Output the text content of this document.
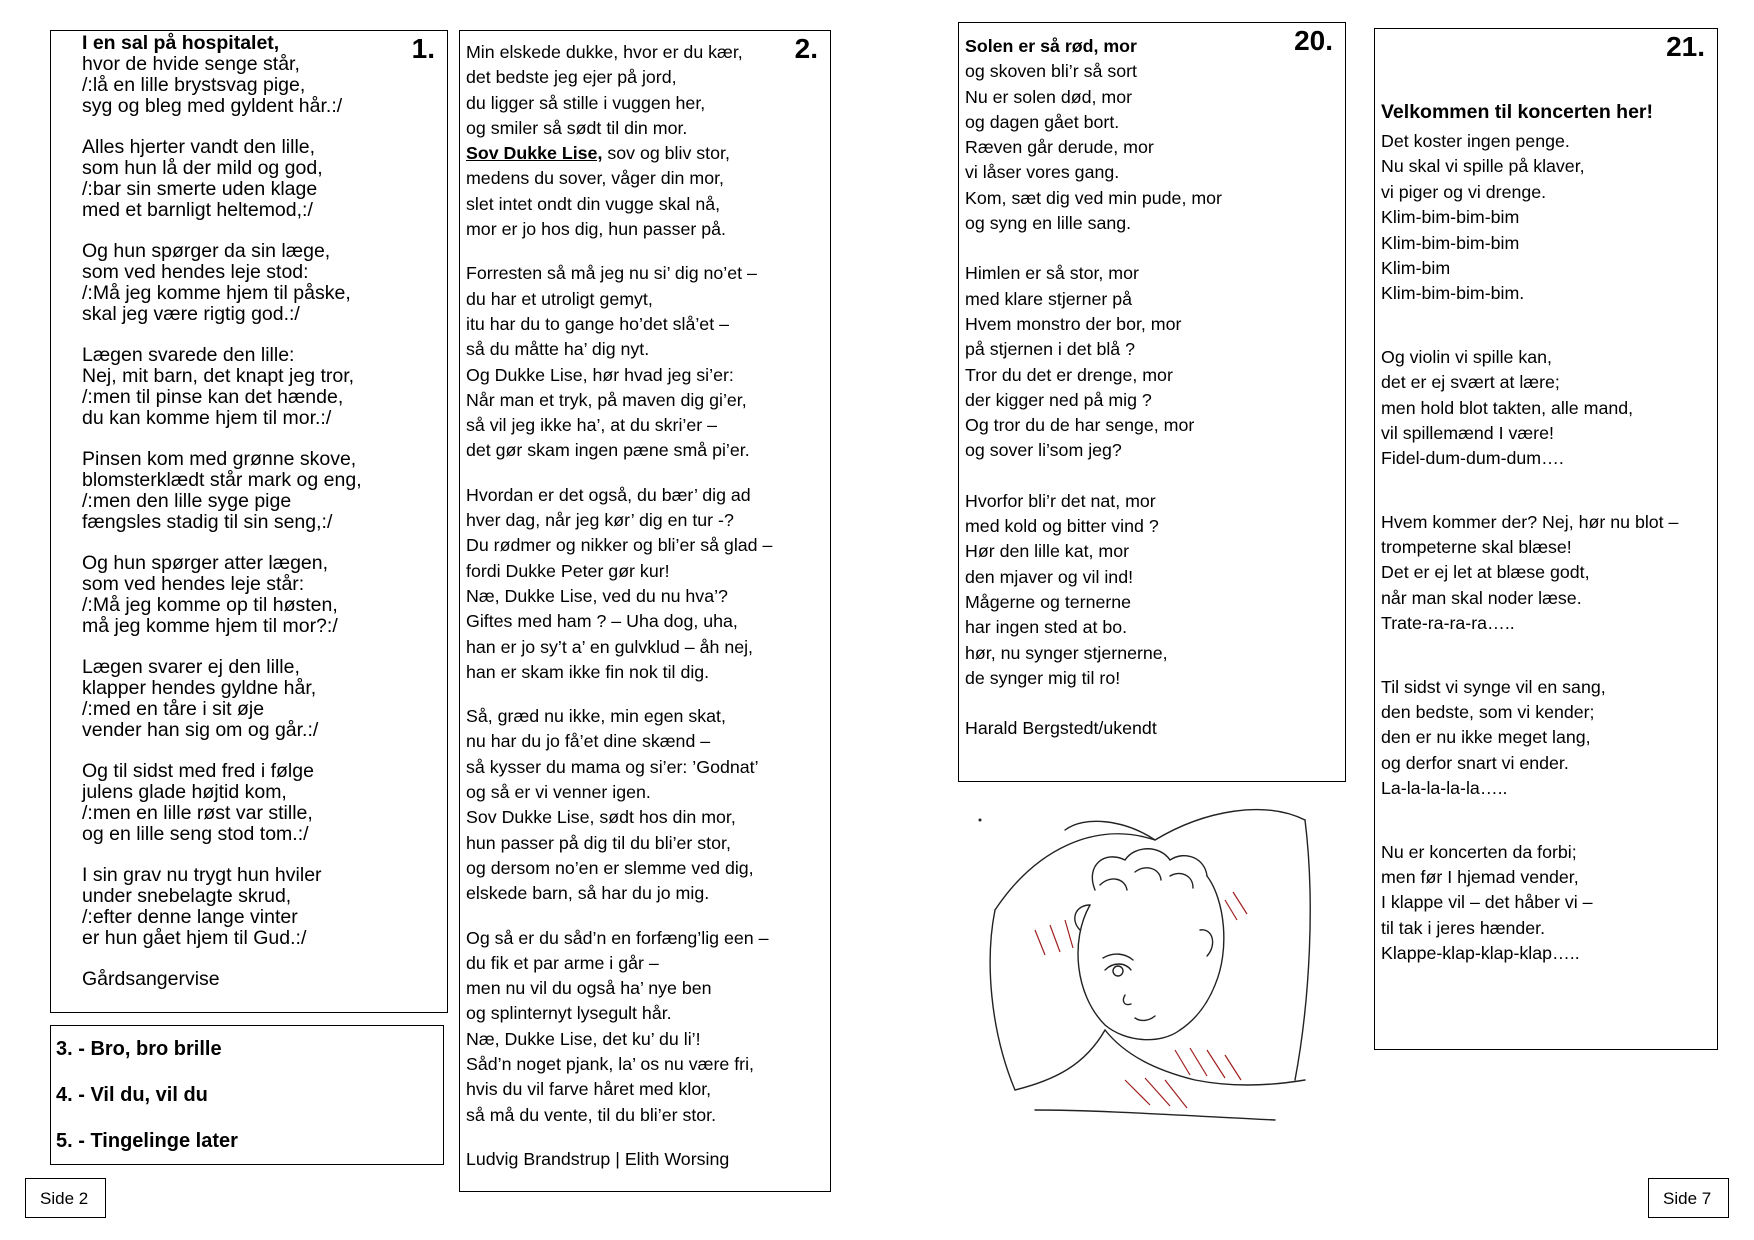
1.
I en sal på hospitalet,
hvor de hvide senge står,
/:lå en lille brystsvag pige,
syg og bleg med gyldent hår.:/
Alles hjerter vandt den lille,
som hun lå der mild og god,
/:bar sin smerte uden klage
med et barnligt heltemod,:/
Og hun spørger da sin læge,
som ved hendes leje stod:
/:Må jeg komme hjem til påske,
skal jeg være rigtig god.:/
Lægen svarede den lille:
Nej, mit barn, det knapt jeg tror,
/:men til pinse kan det hænde,
du kan komme hjem til mor.:/
Pinsen kom med grønne skove,
blomsterklædt står mark og eng,
/:men den lille syge pige
fængsles stadig til sin seng,:/
Og hun spørger atter lægen,
som ved hendes leje står:
/:Må jeg komme op til høsten,
må jeg komme hjem til mor?:/
Lægen svarer ej den lille,
klapper hendes gyldne hår,
/:med en tåre i sit øje
vender han sig om og går.:/
Og til sidst med fred i følge
julens glade højtid kom,
/:men en lille røst var stille,
og en lille seng stod tom.:/
I sin grav nu trygt hun hviler
under snebelagte skrud,
/:efter denne lange vinter
er hun gået hjem til Gud.:/
Gårdsangervise
3. - Bro, bro brille
4. - Vil du, vil du
5. - Tingelinge later
Side 2
2.
Min elskede dukke, hvor er du kær,
det bedste jeg ejer på jord,
du ligger så stille i vuggen her,
og smiler så sødt til din mor.
Sov Dukke Lise, sov og bliv stor,
medens du sover, våger din mor,
slet intet ondt din vugge skal nå,
mor er jo hos dig, hun passer på.
Forresten så må jeg nu si’ dig no’et –
du har et utroligt gemyt,
itu har du to gange ho’det slå’et –
så du måtte ha’ dig nyt.
Og Dukke Lise, hør hvad jeg si’er:
Når man et tryk, på maven dig gi’er,
så vil jeg ikke ha’, at du skri’er –
det gør skam ingen pæne små pi’er.
Hvordan er det også, du bær’ dig ad
hver dag, når jeg kør’ dig en tur -?
Du rødmer og nikker og bli’er så glad –
fordi Dukke Peter gør kur!
Næ, Dukke Lise, ved du nu hva’?
Giftes med ham ? – Uha dog, uha,
han er jo sy’t a’ en gulvklud – åh nej,
han er skam ikke fin nok til dig.
Så, græd nu ikke, min egen skat,
nu har du jo få’et dine skænd –
så kysser du mama og si’er: ’Godnat’
og så er vi venner igen.
Sov Dukke Lise, sødt hos din mor,
hun passer på dig til du bli’er stor,
og dersom no’en er slemme ved dig,
elskede barn, så har du jo mig.
Og så er du såd’n en forfæng’lig een –
du fik et par arme i går –
men nu vil du også ha’ nye ben
og splinternyt lysegult hår.
Næ, Dukke Lise, det ku’ du li’!
Såd’n noget pjank, la’ os nu være fri,
hvis du vil farve håret med klor,
så må du vente, til du bli’er stor.
Ludvig Brandstrup | Elith Worsing
20.
Solen er så rød, mor
og skoven bli’r så sort
Nu er solen død, mor
og dagen gået bort.
Ræven går derude, mor
vi låser vores gang.
Kom, sæt dig ved min pude, mor
og syng en lille sang.
Himlen er så stor, mor
med klare stjerner på
Hvem monstro der bor, mor
på stjernen i det blå ?
Tror du det er drenge, mor
der kigger ned på mig ?
Og tror du de har senge, mor
og sover li’som jeg?
Hvorfor bli’r det nat, mor
med kold og bitter vind ?
Hør den lille kat, mor
den mjaver og vil ind!
Mågerne og ternerne
har ingen sted at bo.
hør, nu synger stjernerne,
de synger mig til ro!
Harald Bergstedt/ukendt
21.
Velkommen til koncerten her!
Det koster ingen penge.
Nu skal vi spille på klaver,
vi piger og vi drenge.
Klim-bim-bim-bim
Klim-bim-bim-bim
Klim-bim
Klim-bim-bim-bim.
Og violin vi spille kan,
det er ej svært at lære;
men hold blot takten, alle mand,
vil spillemænd I være!
Fidel-dum-dum-dum….
Hvem kommer der? Nej, hør nu blot –
trompeterne skal blæse!
Det er ej let at blæse godt,
når man skal noder læse.
Trate-ra-ra-ra…..
Til sidst vi synge vil en sang,
den bedste, som vi kender;
den er nu ikke meget lang,
og derfor snart vi ender.
La-la-la-la-la…..
Nu er koncerten da forbi;
men før I hjemad vender,
I klappe vil – det håber vi –
til tak i jeres hænder.
Klappe-klap-klap-klap…..
Side 7
